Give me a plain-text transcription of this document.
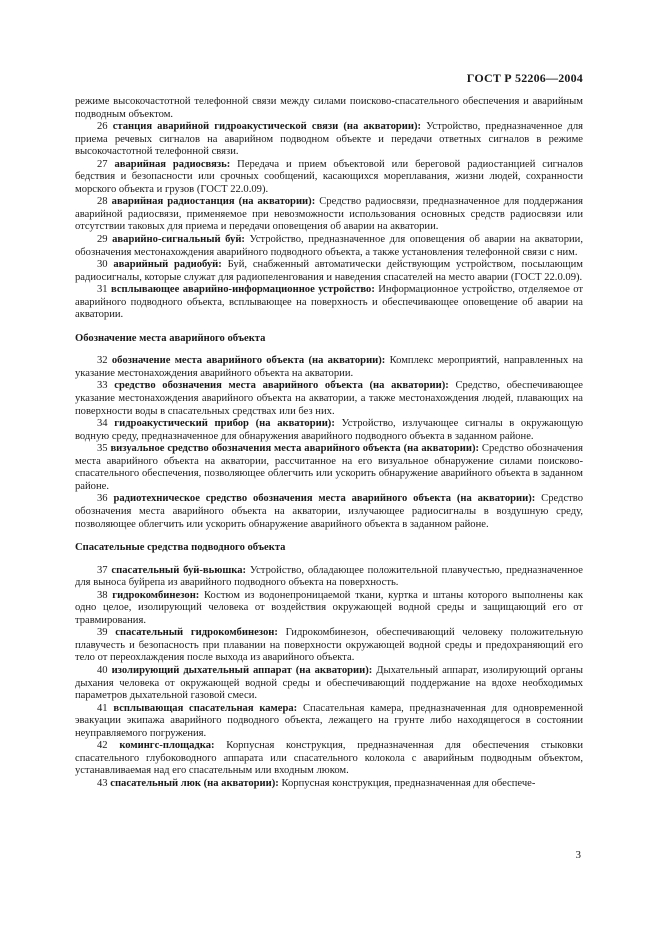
ГОСТ Р 52206—2004

режиме высокочастотной телефонной связи между силами поисково-спасательного обеспечения и аварийным подводным объектом.

26 станция аварийной гидроакустической связи (на акватории): Устройство, предназначенное для приема речевых сигналов на аварийном подводном объекте и передачи ответных сигналов в режиме высокочастотной телефонной связи.

27 аварийная радиосвязь: Передача и прием объектовой или береговой радиостанцией сигналов бедствия и безопасности или срочных сообщений, касающихся мореплавания, жизни людей, сохранности морского объекта и грузов (ГОСТ 22.0.09).

28 аварийная радиостанция (на акватории): Средство радиосвязи, предназначенное для поддержания аварийной радиосвязи, применяемое при невозможности использования основных средств радиосвязи или отсутствии таковых для приема и передачи оповещения об аварии на акватории.

29 аварийно-сигнальный буй: Устройство, предназначенное для оповещения об аварии на акватории, обозначения местонахождения аварийного подводного объекта, а также установления телефонной связи с ним.

30 аварийный радиобуй: Буй, снабженный автоматически действующим устройством, посылающим радиосигналы, которые служат для радиопеленгования и наведения спасателей на место аварии (ГОСТ 22.0.09).

31 всплывающее аварийно-информационное устройство: Информационное устройство, отделяемое от аварийного подводного объекта, всплывающее на поверхность и обеспечивающее оповещение об аварии на акватории.

Обозначение места аварийного объекта

32 обозначение места аварийного объекта (на акватории): Комплекс мероприятий, направленных на указание местонахождения аварийного объекта на акватории.

33 средство обозначения места аварийного объекта (на акватории): Средство, обеспечивающее указание местонахождения аварийного объекта на акватории, а также местонахождения людей, плавающих на поверхности воды в спасательных средствах или без них.

34 гидроакустический прибор (на акватории): Устройство, излучающее сигналы в окружающую водную среду, предназначенное для обнаружения аварийного подводного объекта в заданном районе.

35 визуальное средство обозначения места аварийного объекта (на акватории): Средство обозначения места аварийного объекта на акватории, рассчитанное на его визуальное обнаружение силами поисково-спасательного обеспечения, позволяющее облегчить или ускорить обнаружение аварийного объекта в заданном районе.

36 радиотехническое средство обозначения места аварийного объекта (на акватории): Средство обозначения места аварийного объекта на акватории, излучающее радиосигналы в воздушную среду, позволяющее облегчить или ускорить обнаружение аварийного объекта в заданном районе.

Спасательные средства подводного объекта

37 спасательный буй-вьюшка: Устройство, обладающее положительной плавучестью, предназначенное для выноса буйрепа из аварийного подводного объекта на поверхность.

38 гидрокомбинезон: Костюм из водонепроницаемой ткани, куртка и штаны которого выполнены как одно целое, изолирующий человека от воздействия окружающей водной среды и защищающий его от травмирования.

39 спасательный гидрокомбинезон: Гидрокомбинезон, обеспечивающий человеку положительную плавучесть и безопасность при плавании на поверхности окружающей водной среды и предохраняющий его тело от переохлаждения после выхода из аварийного объекта.

40 изолирующий дыхательный аппарат (на акватории): Дыхательный аппарат, изолирующий органы дыхания человека от окружающей водной среды и обеспечивающий поддержание на вдохе необходимых параметров дыхательной газовой смеси.

41 всплывающая спасательная камера: Спасательная камера, предназначенная для одновременной эвакуации экипажа аварийного подводного объекта, лежащего на грунте либо находящегося в состоянии неуправляемого погружения.

42 комингс-площадка: Корпусная конструкция, предназначенная для обеспечения стыковки спасательного глубоководного аппарата или спасательного колокола с аварийным подводным объектом, устанавливаемая над его спасательным или входным люком.

43 спасательный люк (на акватории): Корпусная конструкция, предназначенная для обеспече-

3
